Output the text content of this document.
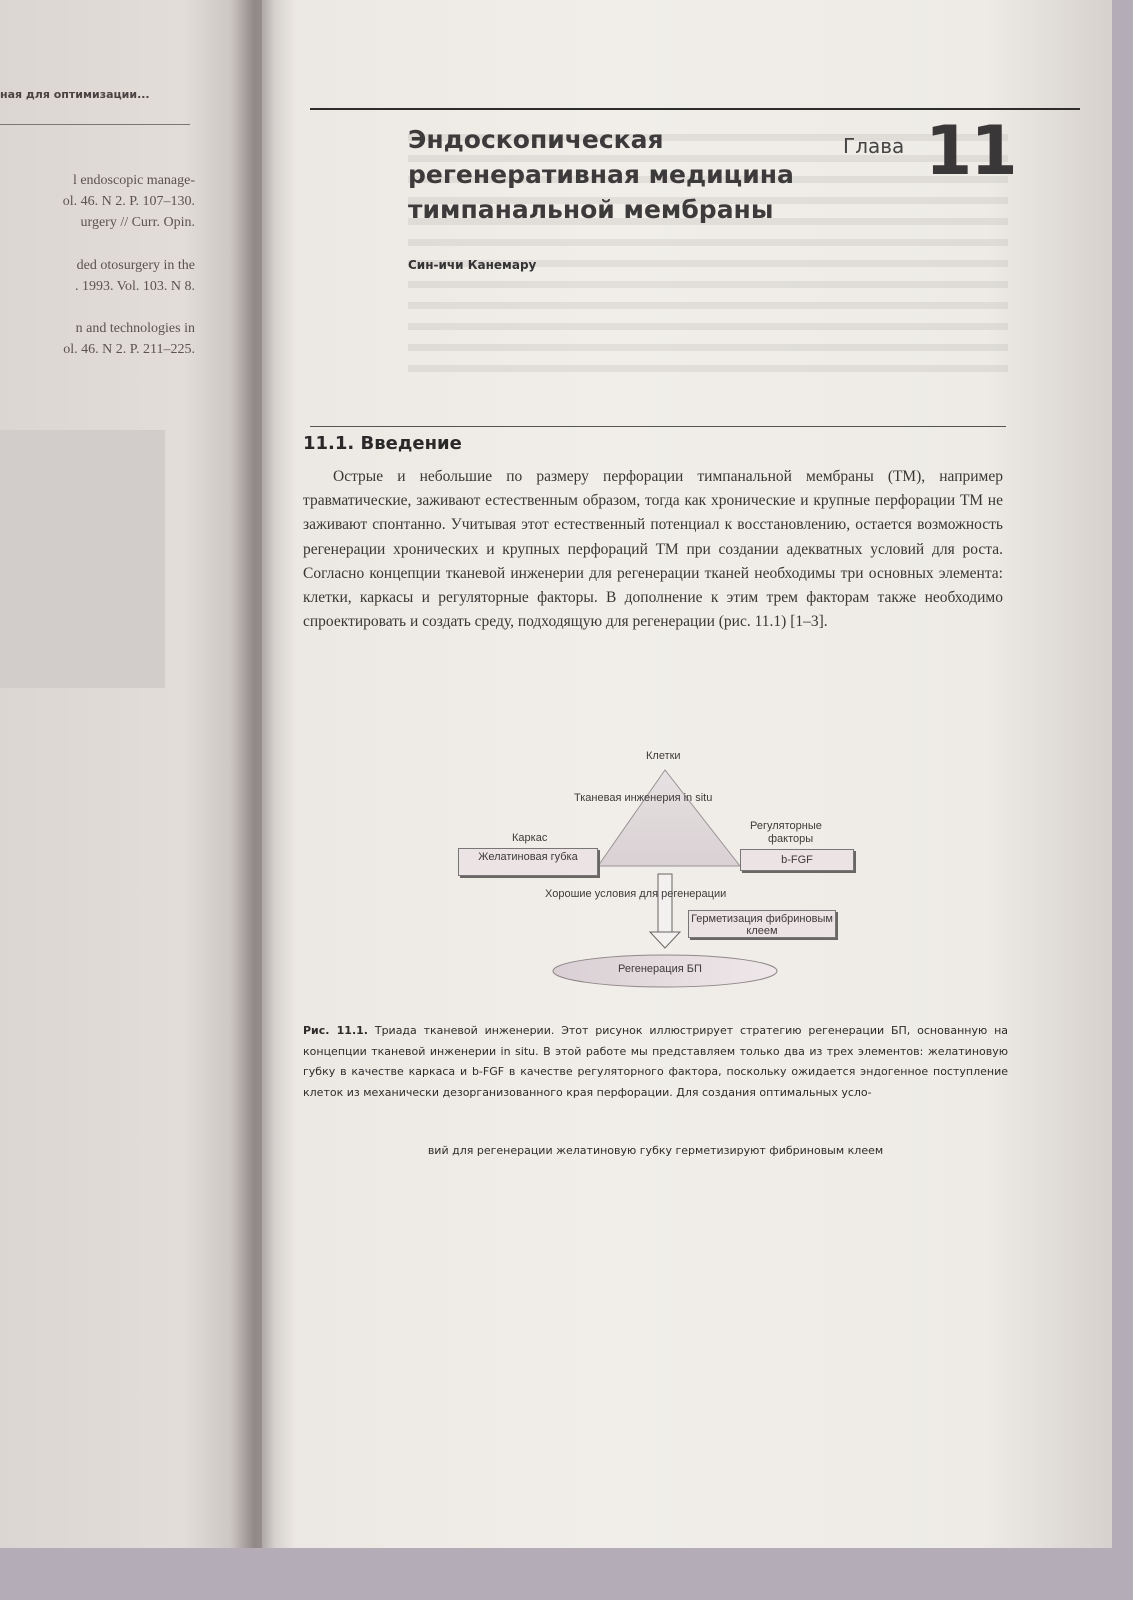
ная для оптимизации...
l endoscopic manage-
ol. 46. N 2. P. 107–130.
urgery // Curr. Opin.
ded otosurgery in the
. 1993. Vol. 103. N 8.
n and technologies in
ol. 46. N 2. P. 211–225.
Эндоскопическая
регенеративная медицина
тимпанальной мембраны
Глава 11
Син-ичи Канемару
11.1. Введение
Острые и небольшие по размеру перфорации тимпанальной мембраны (ТМ), например травматические, заживают естественным образом, тогда как хронические и крупные перфорации ТМ не заживают спонтанно. Учитывая этот естественный потенциал к восстановлению, остается возможность регенерации хронических и крупных перфораций ТМ при создании адекватных условий для роста. Согласно концепции тканевой инженерии для регенерации тканей необходимы три основных элемента: клетки, каркасы и регуляторные факторы. В дополнение к этим трем факторам также необходимо спроектировать и создать среду, подходящую для регенерации (рис. 11.1) [1–3].
Клетки
Тканевая инженерия in situ
Каркас
Желатиновая губка
Регуляторные
факторы
b-FGF
Хорошие условия для регенерации
Герметизация фибриновым клеем
Регенерация БП
Рис. 11.1. Триада тканевой инженерии. Этот рисунок иллюстрирует стратегию регенерации БП, основанную на концепции тканевой инженерии in situ. В этой работе мы представляем только два из трех элементов: желатиновую губку в качестве каркаса и b-FGF в качестве регуляторного фактора, поскольку ожидается эндогенное поступление клеток из механически дезорганизованного края перфорации. Для создания оптимальных усло-
вий для регенерации желатиновую губку герметизируют фибриновым клеем
